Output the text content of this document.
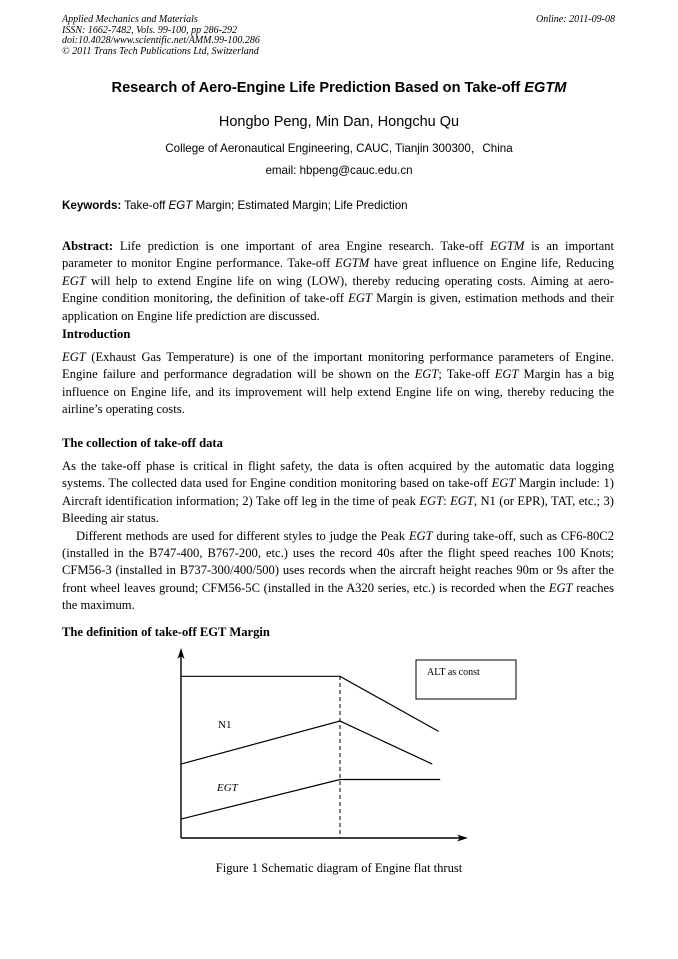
Applied Mechanics and Materials
ISSN: 1662-7482, Vols. 99-100, pp 286-292
doi:10.4028/www.scientific.net/AMM.99-100.286
© 2011 Trans Tech Publications Ltd, Switzerland
Online: 2011-09-08
Research of Aero-Engine Life Prediction Based on Take-off EGTM
Hongbo Peng, Min Dan, Hongchu Qu
College of Aeronautical Engineering, CAUC, Tianjin 300300，China
email: hbpeng@cauc.edu.cn
Keywords: Take-off EGT Margin; Estimated Margin; Life Prediction
Abstract: Life prediction is one important of area Engine research. Take-off EGTM is an important parameter to monitor Engine performance. Take-off EGTM have great influence on Engine life, Reducing EGT will help to extend Engine life on wing (LOW), thereby reducing operating costs. Aiming at aero-Engine condition monitoring, the definition of take-off EGT Margin is given, estimation methods and their application on Engine life prediction are discussed.
Introduction
EGT (Exhaust Gas Temperature) is one of the important monitoring performance parameters of Engine. Engine failure and performance degradation will be shown on the EGT; Take-off EGT Margin has a big influence on Engine life, and its improvement will help extend Engine life on wing, thereby reducing the airline’s operating costs.
The collection of take-off data
As the take-off phase is critical in flight safety, the data is often acquired by the automatic data logging systems. The collected data used for Engine condition monitoring based on take-off EGT Margin include: 1) Aircraft identification information; 2) Take off leg in the time of peak EGT: EGT, N1 (or EPR), TAT, etc.; 3) Bleeding air status.
Different methods are used for different styles to judge the Peak EGT during take-off, such as CF6-80C2 (installed in the B747-400, B767-200, etc.) uses the record 40s after the flight speed reaches 100 Knots; CFM56-3 (installed in B737-300/400/500) uses records when the aircraft height reaches 90m or 9s after the front wheel leaves ground; CFM56-5C (installed in the A320 series, etc.) is recorded when the EGT reaches the maximum.
The definition of take-off EGT Margin
ALT as const
N1
EGT
Figure 1 Schematic diagram of Engine flat thrust
